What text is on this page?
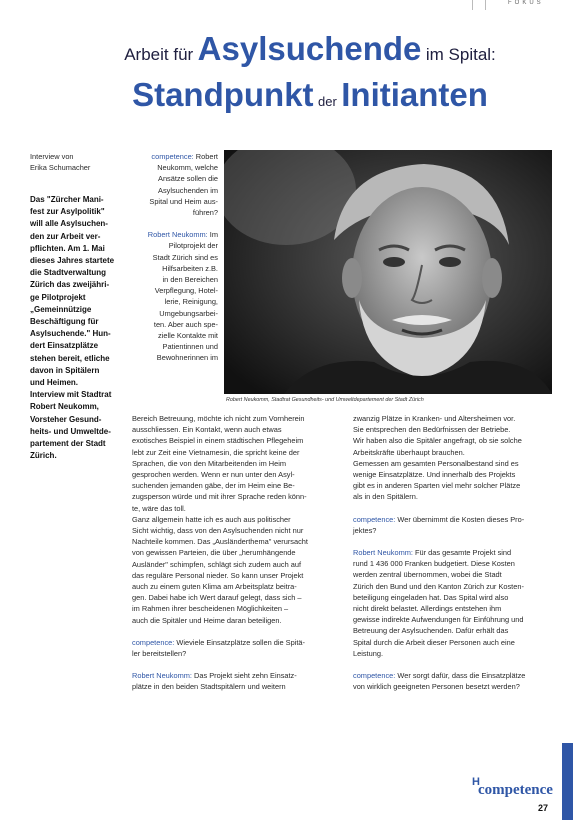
FOKUS
Arbeit für Asylsuchende im Spital:
Standpunkt der Initianten

Interview von

Erika Schumacher

Das "Zürcher Mani-

fest zur Asylpolitik"

will alle Asylsuchen-

den zur Arbeit ver-

pflichten. Am 1. Mai

dieses Jahres startete

die Stadtverwaltung

Zürich das zweijähri-

ge Pilotprojekt

„Gemeinnützige

Beschäftigung für

Asylsuchende." Hun-

dert Einsatzplätze

stehen bereit, etliche

davon in Spitälern

und Heimen.

Interview mit Stadtrat

Robert Neukomm,

Vorsteher Gesund-

heits- und Umweltde-

partement der Stadt

Zürich.

competence: Robert

Neukomm, welche

Ansätze sollen die

Asylsuchenden im

Spital und Heim aus-

führen?

Robert Neukomm: Im Pilotprojekt der

Stadt Zürich sind es

Hilfsarbeiten z.B.

in den Bereichen

Verpflegung, Hotel-

lerie, Reinigung,

Umgebungsarbei-

ten. Aber auch spe-

zielle Kontakte mit

Patientinnen und

Bewohnerinnen im

Robert Neukomm, Stadtrat Gesundheits- und Umweltdepartement der Stadt Zürich

Bereich Betreuung, möchte ich nicht zum Vornherein

ausschliessen. Ein Kontakt, wenn auch etwas

exotisches Beispiel in einem städtischen Pflegeheim

lebt zur Zeit eine Vietnamesin, die spricht keine der

Sprachen, die von den Mitarbeitenden im Heim

gesprochen werden. Wenn er nun unter den Asyl-

suchenden jemanden gäbe, der im Heim eine Be-

zugsperson würde und mit ihrer Sprache reden könn-

te, wäre das toll.

Ganz allgemein hatte ich es auch aus politischer

Sicht wichtig, dass von den Asylsuchenden nicht nur

Nachteile kommen. Das „Ausländerthema" verursacht

von gewissen Parteien, die über „herumhängende

Ausländer" schimpfen, schlägt sich zudem auch auf

das reguläre Personal nieder. So kann unser Projekt

auch zu einem guten Klima am Arbeitsplatz beitra-

gen. Dabei habe ich Wert darauf gelegt, dass sich –

im Rahmen ihrer bescheidenen Möglichkeiten –

auch die Spitäler und Heime daran beteiligen.

competence: Wieviele Einsatzplätze sollen die Spitä-

ler bereitstellen?

Robert Neukomm: Das Projekt sieht zehn Einsatz-

plätze in den beiden Stadtspitälern und weitern

zwanzig Plätze in Kranken- und Altersheimen vor.

Sie entsprechen den Bedürfnissen der Betriebe.

Wir haben also die Spitäler angefragt, ob sie solche

Arbeitskräfte überhaupt brauchen.

Gemessen am gesamten Personalbestand sind es

wenige Einsatzplätze. Und innerhalb des Projekts

gibt es in anderen Sparten viel mehr solcher Plätze

als in den Spitälern.

competence: Wer übernimmt die Kosten dieses Pro-

jektes?

Robert Neukomm: Für das gesamte Projekt sind

rund 1 436 000 Franken budgetiert. Diese Kosten

werden zentral übernommen, wobei die Stadt

Zürich den Bund und den Kanton Zürich zur Kosten-

beteiligung eingeladen hat. Das Spital wird also

nicht direkt belastet. Allerdings entstehen ihm

gewisse indirekte Aufwendungen für Einführung und

Betreuung der Asylsuchenden. Dafür erhält das

Spital durch die Arbeit dieser Personen auch eine

Leistung.

competence: Wer sorgt dafür, dass die Einsatzplätze

von wirklich geeigneten Personen besetzt werden?

H
competence
27
